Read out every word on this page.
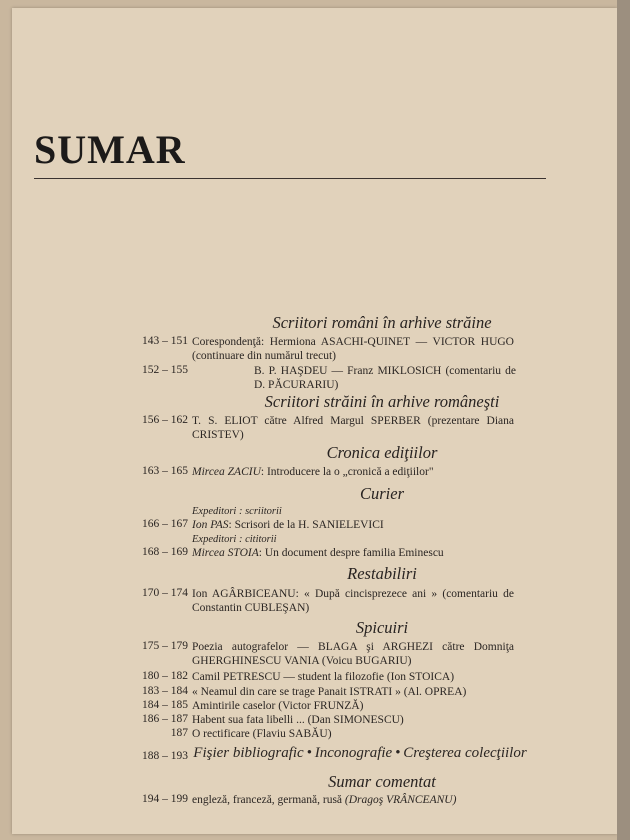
SUMAR
Scriitori români în arhive străine
143 – 151 Corespondenţă: Hermiona ASACHI-QUINET — VICTOR HUGO (continuare din numărul trecut)
152 – 155	B. P. HAŞDEU — Franz MIKLOSICH (comentariu de D. PĂCURARIU)
Scriitori străini în arhive româneşti
156 – 162 T. S. ELIOT către Alfred Margul SPERBER (prezentare Diana CRISTEV)
Cronica ediţiilor
163 – 165 Mircea ZACIU: Introducere la o „cronică a ediţiilor"
Curier
Expeditori : scriitorii
166 – 167 Ion PAS: Scrisori de la H. SANIELEVICI
Expeditori : cititorii
168 – 169 Mircea STOIA: Un document despre familia Eminescu
Restabiliri
170 – 174 Ion AGÂRBICEANU: « După cincisprezece ani » (comentariu de Constantin CUBLEŞAN)
Spicuiri
175 – 179 Poezia autografelor — BLAGA şi ARGHEZI către Domniţa GHERGHINESCU VANIA (Voicu BUGARIU)
180 – 182 Camil PETRESCU — student la filozofie (Ion STOICA)
183 – 184 « Neamul din care se trage Panait ISTRATI » (Al. OPREA)
184 – 185 Amintirile caselor (Victor FRUNZĂ)
186 – 187 Habent sua fata libelli ... (Dan SIMONESCU)
187 O rectificare (Flaviu SABĂU)
188 – 193 Fişier bibliografic • Inconografie • Creşterea colecţiilor
Sumar comentat
194 – 199 engleză, franceză, germană, rusă (Dragoş VRÂNCEANU)
